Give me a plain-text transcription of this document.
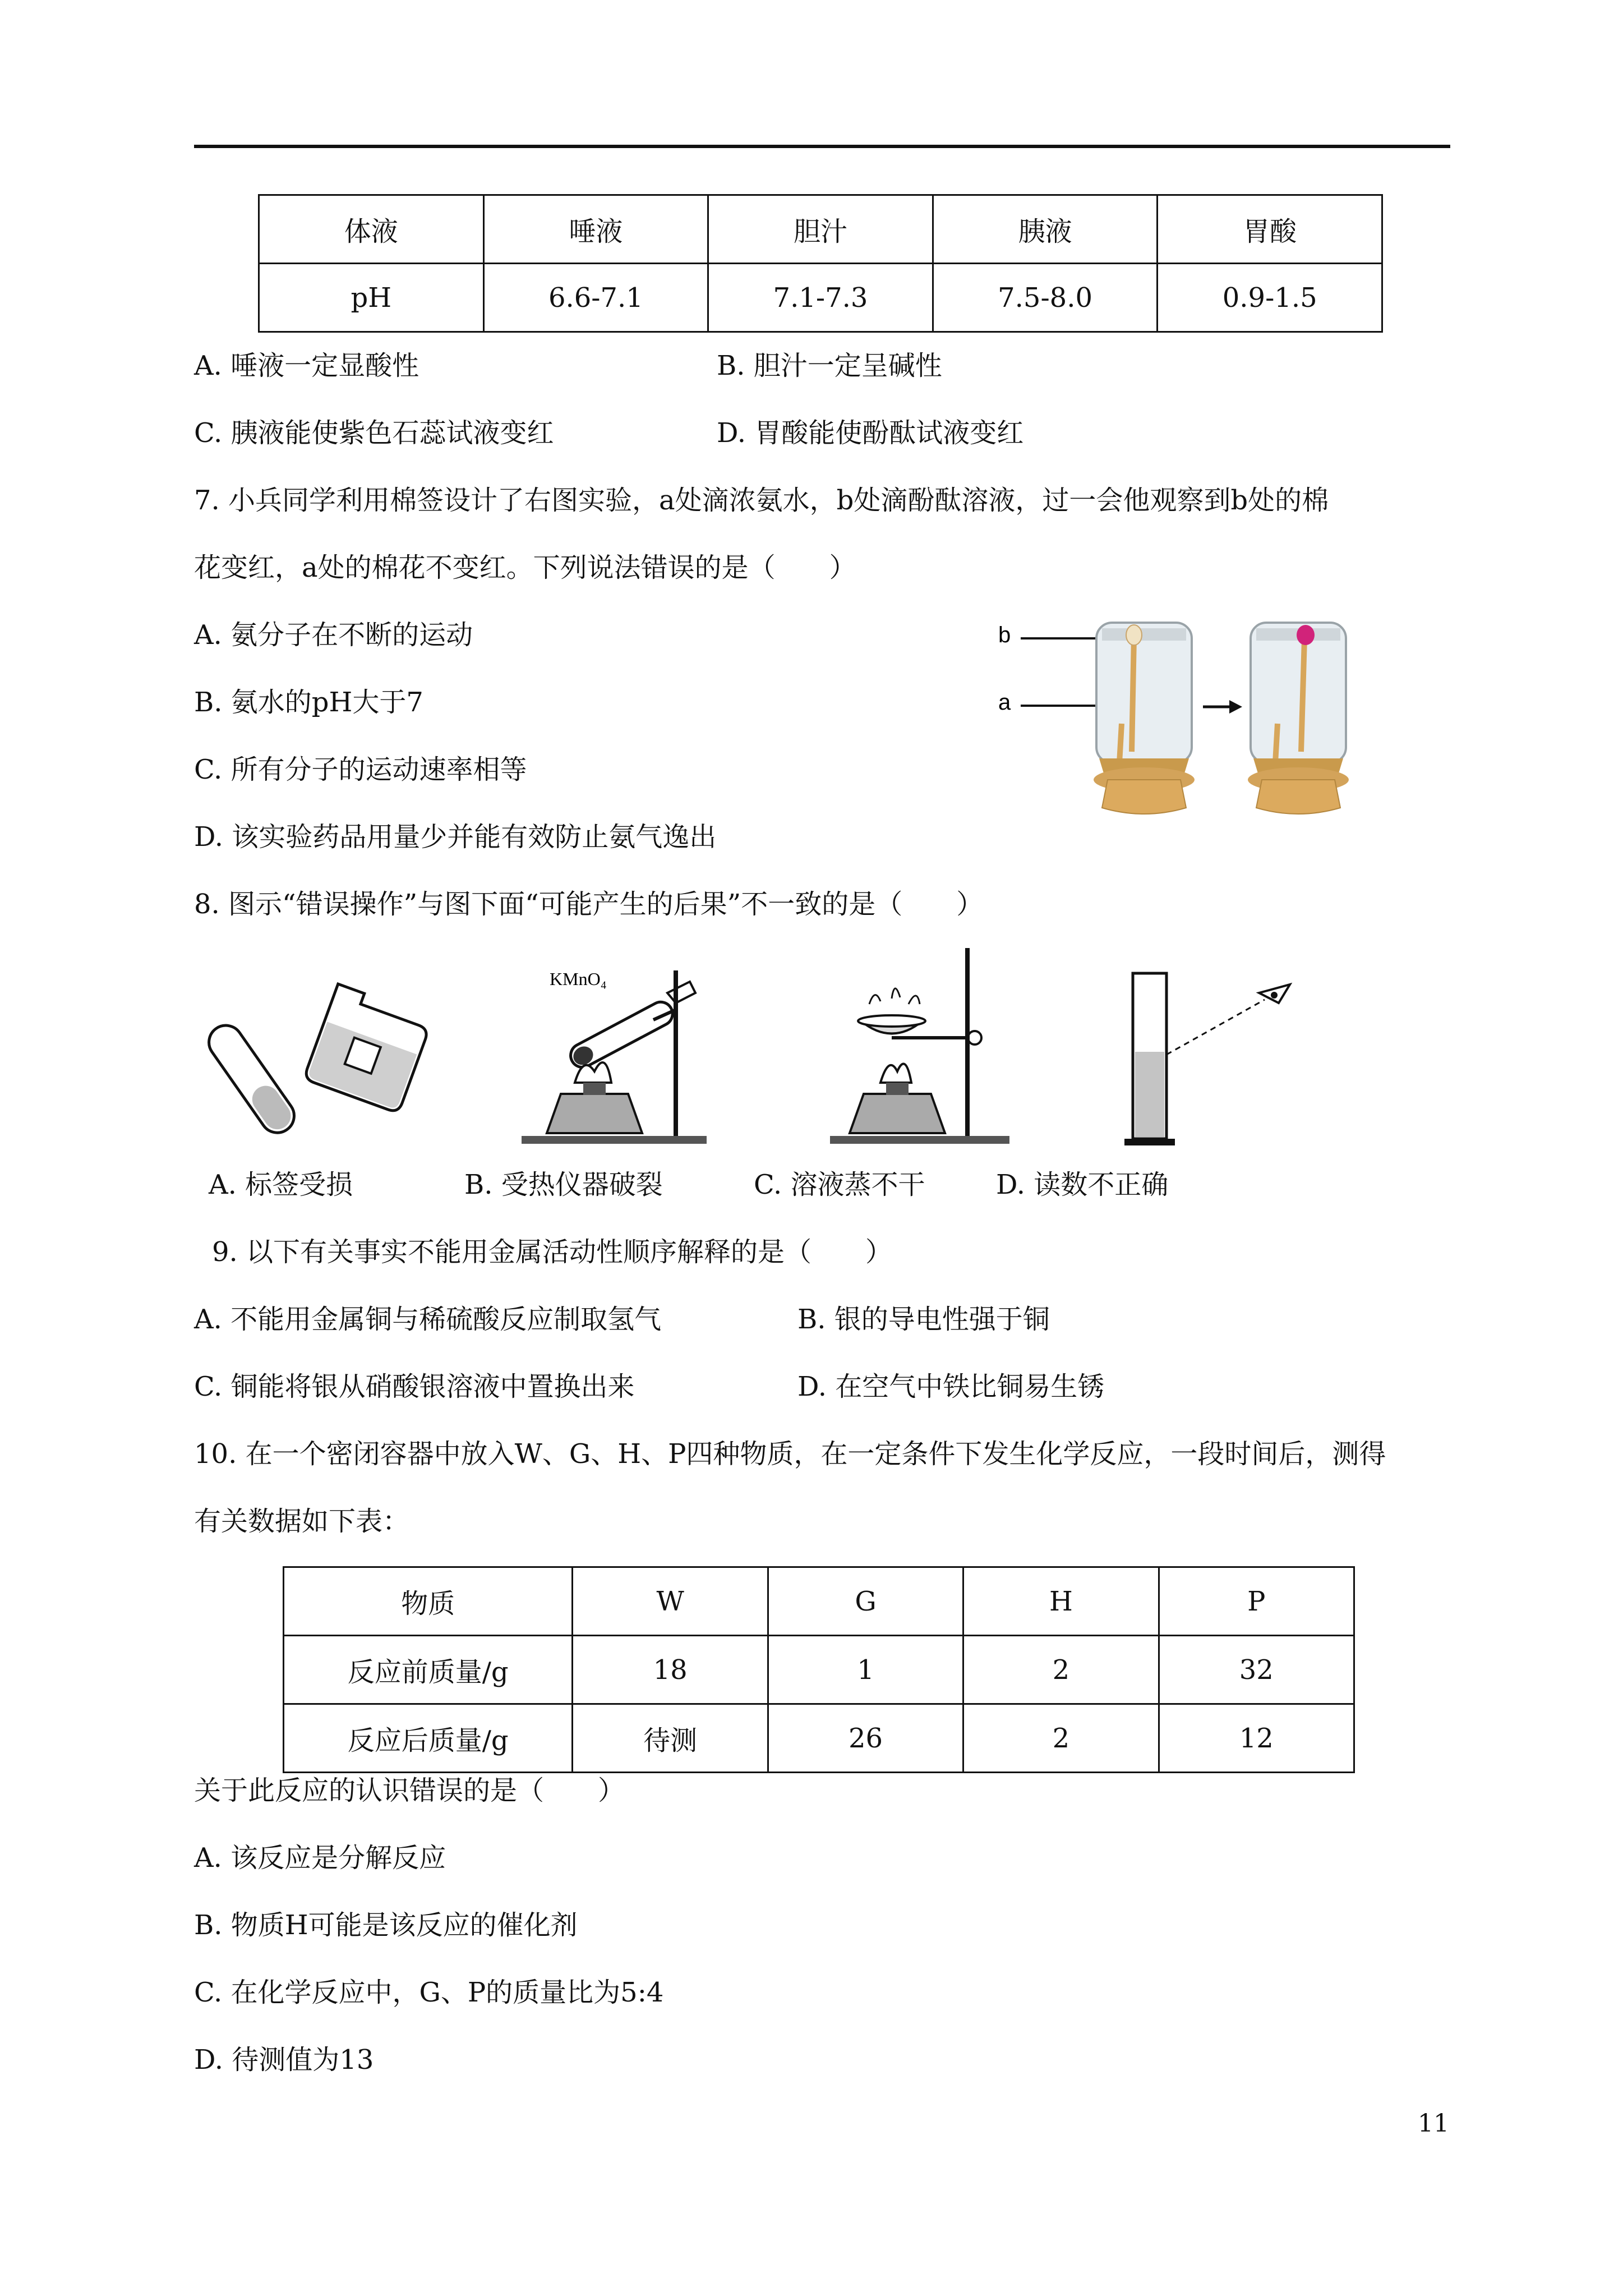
体液	唾液	胆汁	胰液	胃酸
pH	6.6-7.1	7.1-7.3	7.5-8.0	0.9-1.5
A. 唾液一定显酸性	B. 胆汁一定呈碱性
C. 胰液能使紫色石蕊试液变红	D. 胃酸能使酚酞试液变红
7. 小兵同学利用棉签设计了右图实验，a处滴浓氨水，b处滴酚酞溶液，过一会他观察到b处的棉
花变红，a处的棉花不变红。下列说法错误的是（　　）
A. 氨分子在不断的运动
B. 氨水的pH大于7
C. 所有分子的运动速率相等
D. 该实验药品用量少并能有效防止氨气逸出
b
a
8. 图示“错误操作”与图下面“可能产生的后果”不一致的是（　　）
KMnO₄
A. 标签受损	B. 受热仪器破裂	C. 溶液蒸不干	D. 读数不正确
9. 以下有关事实不能用金属活动性顺序解释的是（　　）
A. 不能用金属铜与稀硫酸反应制取氢气	B. 银的导电性强于铜
C. 铜能将银从硝酸银溶液中置换出来	D. 在空气中铁比铜易生锈
10. 在一个密闭容器中放入W、G、H、P四种物质，在一定条件下发生化学反应，一段时间后，测得
有关数据如下表：
物质	W	G	H	P
反应前质量/g	18	1	2	32
反应后质量/g	待测	26	2	12
关于此反应的认识错误的是（　　）
A. 该反应是分解反应
B. 物质H可能是该反应的催化剂
C. 在化学反应中，G、P的质量比为5:4
D. 待测值为13
11
